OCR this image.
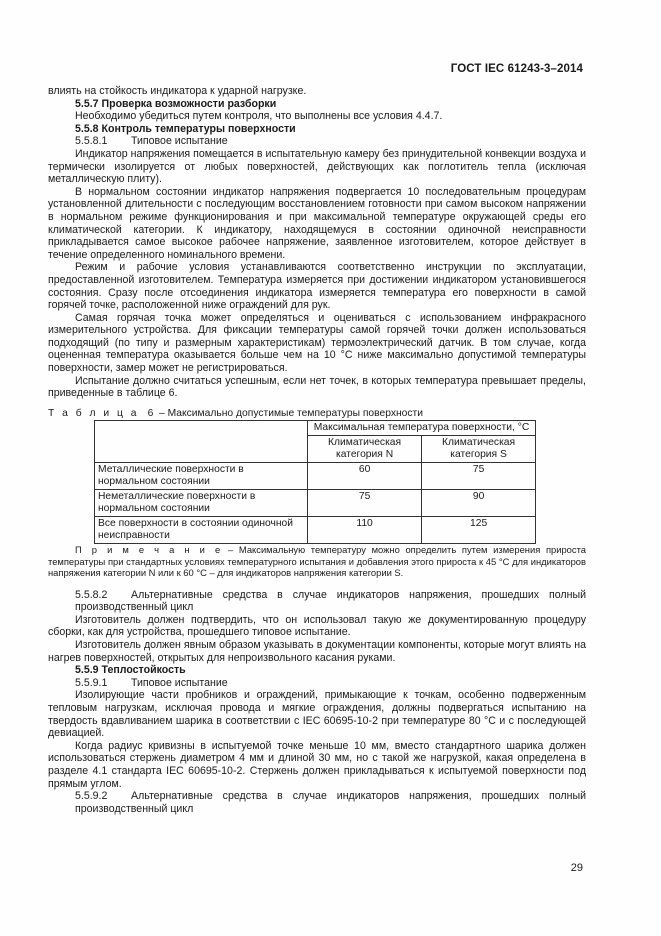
ГОСТ IEC 61243-3–2014

влиять на стойкость индикатора к ударной нагрузке.

5.5.7 Проверка возможности разборки

Необходимо убедиться путем контроля, что выполнены все условия 4.4.7.

5.5.8 Контроль температуры поверхности

5.5.8.1 Типовое испытание

Индикатор напряжения помещается в испытательную камеру без принудительной конвекции воздуха и термически изолируется от любых поверхностей, действующих как поглотитель тепла (исключая металлическую плиту).

В нормальном состоянии индикатор напряжения подвергается 10 последовательным процедурам установленной длительности с последующим восстановлением готовности при самом высоком напряжении в нормальном режиме функционирования и при максимальной температуре окружающей среды его климатической категории. К индикатору, находящемуся в состоянии одиночной неисправности прикладывается самое высокое рабочее напряжение, заявленное изготовителем, которое действует в течение определенного номинального времени.

Режим и рабочие условия устанавливаются соответственно инструкции по эксплуатации, предоставленной изготовителем. Температура измеряется при достижении индикатором установившегося состояния. Сразу после отсоединения индикатора измеряется температура его поверхности в самой горячей точке, расположенной ниже ограждений для рук.

Самая горячая точка может определяться и оцениваться с использованием инфракрасного измерительного устройства. Для фиксации температуры самой горячей точки должен использоваться подходящий (по типу и размерным характеристикам) термоэлектрический датчик. В том случае, когда оцененная температура оказывается больше чем на 10 °С ниже максимально допустимой температуры поверхности, замер может не регистрироваться.

Испытание должно считаться успешным, если нет точек, в которых температура превышает пределы, приведенные в таблице 6.

Т а б л и ц а 6 – Максимально допустимые температуры поверхности
	Максимальная температура поверхности, °С	
	Климатическая категория N	Климатическая категория S
Металлические поверхности в нормальном состоянии	60	75
Неметаллические поверхности в нормальном состоянии	75	90
Все поверхности в состоянии одиночной неисправности	110	125

П р и м е ч а н и е – Максимальную температуру можно определить путем измерения прироста температуры при стандартных условиях температурного испытания и добавления этого прироста к 45 °С для индикаторов напряжения категории N или к 60 °С – для индикаторов напряжения категории S.

5.5.8.2 Альтернативные средства в случае индикаторов напряжения, прошедших полный производственный цикл

Изготовитель должен подтвердить, что он использовал такую же документированную процедуру сборки, как для устройства, прошедшего типовое испытание.

Изготовитель должен явным образом указывать в документации компоненты, которые могут влиять на нагрев поверхностей, открытых для непроизвольного касания руками.

5.5.9 Теплостойкость

5.5.9.1 Типовое испытание

Изолирующие части пробников и ограждений, примыкающие к точкам, особенно подверженным тепловым нагрузкам, исключая провода и мягкие ограждения, должны подвергаться испытанию на твердость вдавливанием шарика в соответствии с IEC 60695-10-2 при температуре 80 °С и с последующей девиацией.

Когда радиус кривизны в испытуемой точке меньше 10 мм, вместо стандартного шарика должен использоваться стержень диаметром 4 мм и длиной 30 мм, но с такой же нагрузкой, какая определена в разделе 4.1 стандарта IEC 60695-10-2. Стержень должен прикладываться к испытуемой поверхности под прямым углом.

5.5.9.2 Альтернативные средства в случае индикаторов напряжения, прошедших полный производственный цикл

29
